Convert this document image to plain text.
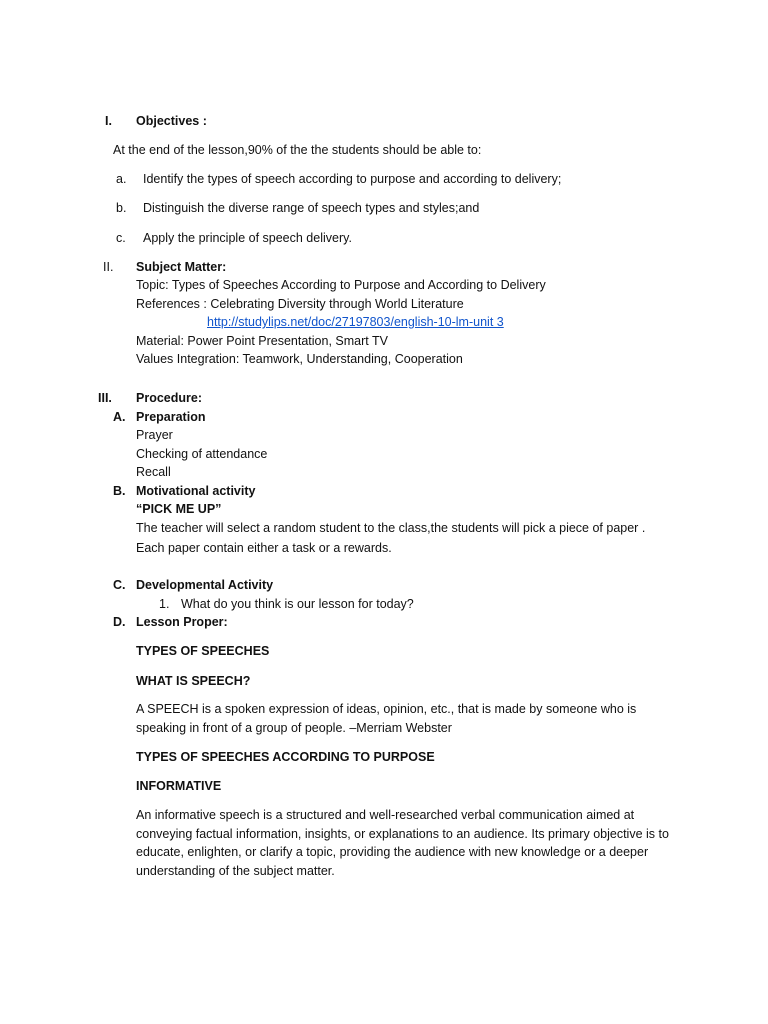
I. Objectives :
At the end of the lesson,90% of the the students should be able to:
a. Identify the types of speech according to purpose and according to delivery;
b. Distinguish the diverse range of speech types and styles;and
c. Apply the principle of speech delivery.
II. Subject Matter:
Topic: Types of Speeches According to Purpose and According to Delivery
References : Celebrating Diversity through World Literature
http://studylips.net/doc/27197803/english-10-lm-unit 3
Material: Power Point Presentation, Smart TV
Values Integration: Teamwork, Understanding, Cooperation
III. Procedure:
A. Preparation
Prayer
Checking of attendance
Recall
B. Motivational activity
“PICK ME UP”
The teacher will select a random student to the class,the students will pick a piece of paper .
Each paper contain either a task or a rewards.
C. Developmental Activity
1. What do you think is our lesson for today?
D. Lesson Proper:
TYPES OF SPEECHES
WHAT IS SPEECH?
A SPEECH is a spoken expression of ideas, opinion, etc., that is made by someone who is speaking in front of a group of people. –Merriam Webster
TYPES OF SPEECHES ACCORDING TO PURPOSE
INFORMATIVE
An informative speech is a structured and well-researched verbal communication aimed at conveying factual information, insights, or explanations to an audience. Its primary objective is to educate, enlighten, or clarify a topic, providing the audience with new knowledge or a deeper understanding of the subject matter.
